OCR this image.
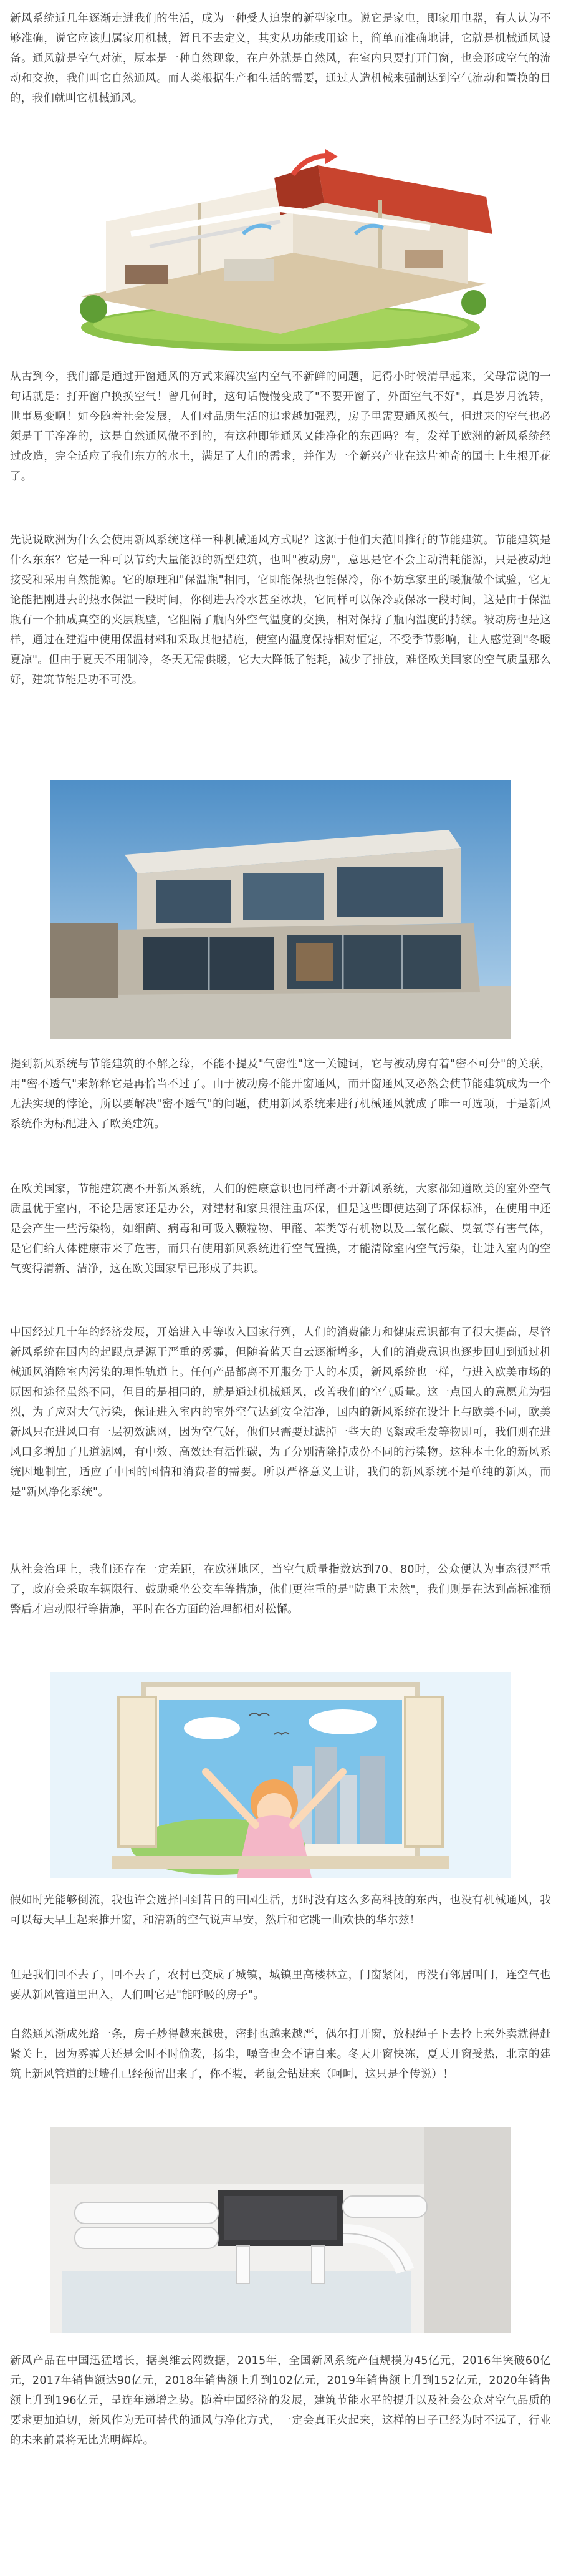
新风系统近几年逐渐走进我们的生活，成为一种受人追崇的新型家电。说它是家电，即家用电器，有人认为不够准确，说它应该归属家用机械，暂且不去定义，其实从功能或用途上，简单而准确地讲，它就是机械通风设备。通风就是空气对流，原本是一种自然现象，在户外就是自然风，在室内只要打开门窗，也会形成空气的流动和交换，我们叫它自然通风。而人类根据生产和生活的需要，通过人造机械来强制达到空气流动和置换的目的，我们就叫它机械通风。

从古到今，我们都是通过开窗通风的方式来解决室内空气不新鲜的问题，记得小时候清早起来，父母常说的一句话就是：打开窗户换换空气！曾几何时，这句话慢慢变成了"不要开窗了，外面空气不好"，真是岁月流转，世事易变啊！如今随着社会发展，人们对品质生活的追求越加强烈，房子里需要通风换气，但进来的空气也必须是干干净净的，这是自然通风做不到的，有这种即能通风又能净化的东西吗？有，发祥于欧洲的新风系统经过改造，完全适应了我们东方的水土，满足了人们的需求，并作为一个新兴产业在这片神奇的国土上生根开花了。

先说说欧洲为什么会使用新风系统这样一种机械通风方式呢？这源于他们大范围推行的节能建筑。节能建筑是什么东东？它是一种可以节约大量能源的新型建筑，也叫"被动房"，意思是它不会主动消耗能源，只是被动地接受和采用自然能源。它的原理和"保温瓶"相同，它即能保热也能保冷，你不妨拿家里的暖瓶做个试验，它无论能把刚进去的热水保温一段时间，你倒进去冷水甚至冰块，它同样可以保冷或保冰一段时间，这是由于保温瓶有一个抽成真空的夹层瓶壁，它阻隔了瓶内外空气温度的交换，相对保持了瓶内温度的持续。被动房也是这样，通过在建造中使用保温材料和采取其他措施，使室内温度保持相对恒定，不受季节影响，让人感觉到"冬暖夏凉"。但由于夏天不用制冷，冬天无需供暖，它大大降低了能耗，减少了排放，难怪欧美国家的空气质量那么好，建筑节能是功不可没。

提到新风系统与节能建筑的不解之缘，不能不提及"气密性"这一关键词，它与被动房有着"密不可分"的关联，用"密不透气"来解释它是再恰当不过了。由于被动房不能开窗通风，而开窗通风又必然会使节能建筑成为一个无法实现的悖论，所以要解决"密不透气"的问题，使用新风系统来进行机械通风就成了唯一可选项，于是新风系统作为标配进入了欧美建筑。

在欧美国家，节能建筑离不开新风系统，人们的健康意识也同样离不开新风系统，大家都知道欧美的室外空气质量优于室内，不论是居家还是办公，对建材和家具很注重环保，但是这些即使达到了环保标准，在使用中还是会产生一些污染物，如细菌、病毒和可吸入颗粒物、甲醛、苯类等有机物以及二氧化碳、臭氧等有害气体，是它们给人体健康带来了危害，而只有使用新风系统进行空气置换，才能清除室内空气污染，让进入室内的空气变得清新、洁净，这在欧美国家早已形成了共识。

中国经过几十年的经济发展，开始进入中等收入国家行列，人们的消费能力和健康意识都有了很大提高，尽管新风系统在国内的起跟点是源于严重的雾霾，但随着蓝天白云逐渐增多，人们的消费意识也逐步回归到通过机械通风消除室内污染的理性轨道上。任何产品都离不开服务于人的本质，新风系统也一样，与进入欧美市场的原因和途径虽然不同，但目的是相同的，就是通过机械通风，改善我们的空气质量。这一点国人的意愿尤为强烈，为了应对大气污染，保证进入室内的室外空气达到安全洁净，国内的新风系统在设计上与欧美不同，欧美新风只在进风口有一层初效滤网，因为空气好，他们只需要过滤掉一些大的飞絮或毛发等物即可，我们则在进风口多增加了几道滤网，有中效、高效还有活性碳，为了分别清除掉成份不同的污染物。这种本土化的新风系统因地制宜，适应了中国的国情和消费者的需要。所以严格意义上讲，我们的新风系统不是单纯的新风，而是"新风净化系统"。

从社会治理上，我们还存在一定差距，在欧洲地区，当空气质量指数达到70、80时，公众便认为事态很严重了，政府会采取车辆限行、鼓励乘坐公交车等措施，他们更注重的是"防患于未然"，我们则是在达到高标准预警后才启动限行等措施，平时在各方面的治理都相对松懈。

假如时光能够倒流，我也许会选择回到昔日的田园生活，那时没有这么多高科技的东西，也没有机械通风，我可以每天早上起来推开窗，和清新的空气说声早安，然后和它跳一曲欢快的华尔兹！

但是我们回不去了，回不去了，农村已变成了城镇，城镇里高楼林立，门窗紧闭，再没有邻居叫门，连空气也要从新风管道里出入，人们叫它是"能呼吸的房子"。

自然通风渐成死路一条，房子炒得越来越贵，密封也越来越严，偶尔打开窗，放根绳子下去拎上来外卖就得赶紧关上，因为雾霾天还是会时不时偷袭，扬尘，噪音也会不请自来。冬天开窗快冻，夏天开窗受热，北京的建筑上新风管道的过墙孔已经预留出来了，你不装，老鼠会钻进来（呵呵，这只是个传说）！

新风产品在中国迅猛增长，据奥维云网数据，2015年，全国新风系统产值规模为45亿元，2016年突破60亿元，2017年销售额达90亿元，2018年销售额上升到102亿元，2019年销售额上升到152亿元，2020年销售额上升到196亿元，呈连年递增之势。随着中国经济的发展，建筑节能水平的提升以及社会公众对空气品质的要求更加迫切，新风作为无可替代的通风与净化方式，一定会真正火起来，这样的日子已经为时不远了，行业的未来前景将无比光明辉煌。
